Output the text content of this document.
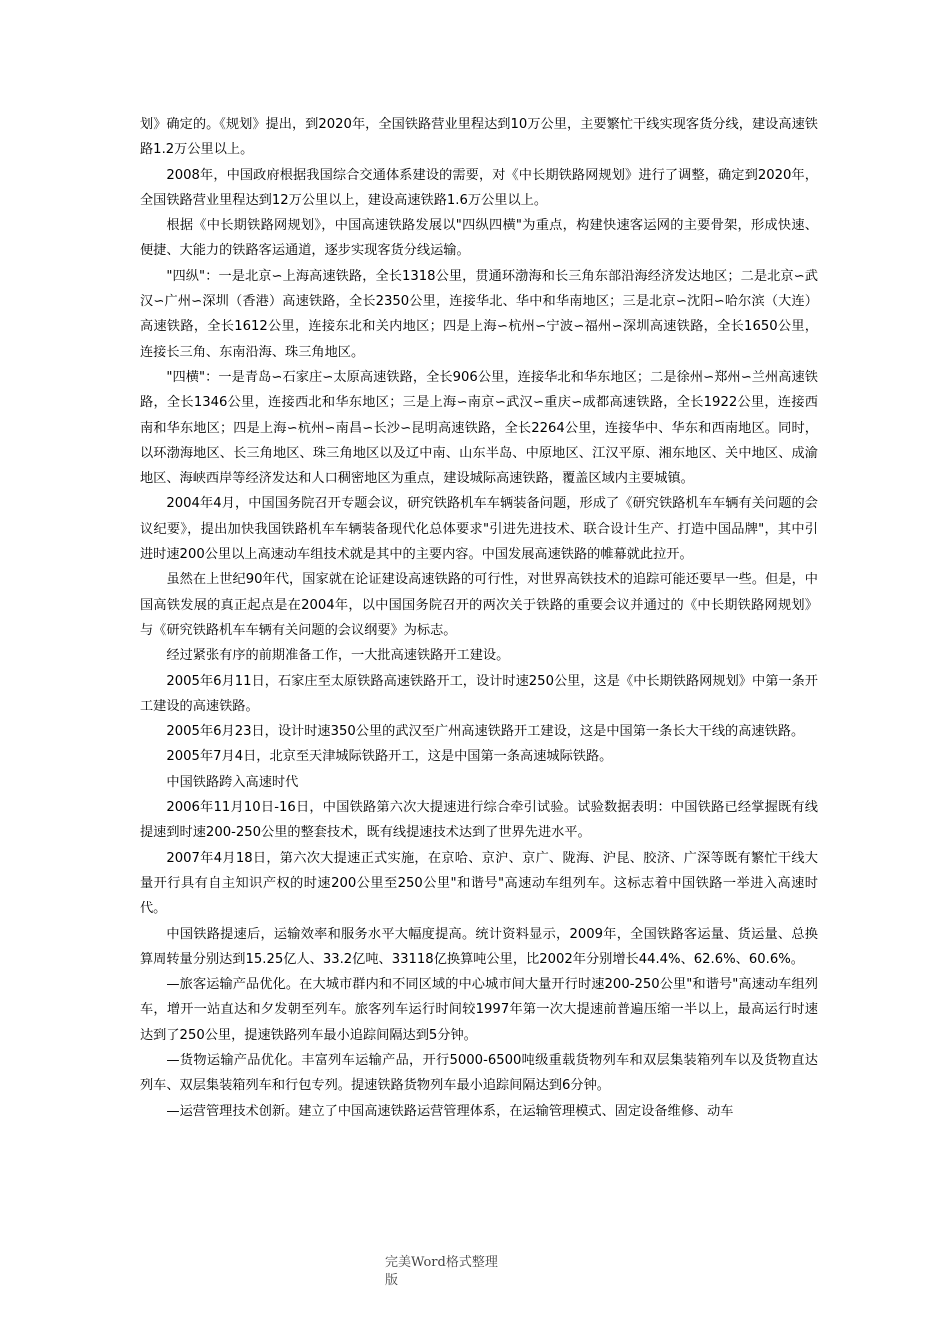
划》确定的。《规划》提出，到2020年，全国铁路营业里程达到10万公里，主要繁忙干线实现客货分线，建设高速铁路1.2万公里以上。

2008年，中国政府根据我国综合交通体系建设的需要，对《中长期铁路网规划》进行了调整，确定到2020年，全国铁路营业里程达到12万公里以上，建设高速铁路1.6万公里以上。

根据《中长期铁路网规划》，中国高速铁路发展以"四纵四横"为重点，构建快速客运网的主要骨架，形成快速、便捷、大能力的铁路客运通道，逐步实现客货分线运输。

"四纵"：一是北京∽上海高速铁路，全长1318公里，贯通环渤海和长三角东部沿海经济发达地区；二是北京∽武汉∽广州∽深圳（香港）高速铁路，全长2350公里，连接华北、华中和华南地区；三是北京∽沈阳∽哈尔滨（大连）高速铁路，全长1612公里，连接东北和关内地区；四是上海∽杭州∽宁波∽福州∽深圳高速铁路，全长1650公里，连接长三角、东南沿海、珠三角地区。

"四横"：一是青岛∽石家庄∽太原高速铁路，全长906公里，连接华北和华东地区；二是徐州∽郑州∽兰州高速铁路，全长1346公里，连接西北和华东地区；三是上海∽南京∽武汉∽重庆∽成都高速铁路，全长1922公里，连接西南和华东地区；四是上海∽杭州∽南昌∽长沙∽昆明高速铁路，全长2264公里，连接华中、华东和西南地区。同时，以环渤海地区、长三角地区、珠三角地区以及辽中南、山东半岛、中原地区、江汉平原、湘东地区、关中地区、成渝地区、海峡西岸等经济发达和人口稠密地区为重点，建设城际高速铁路，覆盖区域内主要城镇。

2004年4月，中国国务院召开专题会议，研究铁路机车车辆装备问题，形成了《研究铁路机车车辆有关问题的会议纪要》，提出加快我国铁路机车车辆装备现代化总体要求"引进先进技术、联合设计生产、打造中国品牌"，其中引进时速200公里以上高速动车组技术就是其中的主要内容。中国发展高速铁路的帷幕就此拉开。

虽然在上世纪90年代，国家就在论证建设高速铁路的可行性，对世界高铁技术的追踪可能还要早一些。但是，中国高铁发展的真正起点是在2004年，以中国国务院召开的两次关于铁路的重要会议并通过的《中长期铁路网规划》与《研究铁路机车车辆有关问题的会议纲要》为标志。

经过紧张有序的前期准备工作，一大批高速铁路开工建设。

2005年6月11日，石家庄至太原铁路高速铁路开工，设计时速250公里，这是《中长期铁路网规划》中第一条开工建设的高速铁路。

2005年6月23日，设计时速350公里的武汉至广州高速铁路开工建设，这是中国第一条长大干线的高速铁路。

2005年7月4日，北京至天津城际铁路开工，这是中国第一条高速城际铁路。

中国铁路跨入高速时代

2006年11月10日-16日，中国铁路第六次大提速进行综合牵引试验。试验数据表明：中国铁路已经掌握既有线提速到时速200-250公里的整套技术，既有线提速技术达到了世界先进水平。

2007年4月18日，第六次大提速正式实施，在京哈、京沪、京广、陇海、沪昆、胶济、广深等既有繁忙干线大量开行具有自主知识产权的时速200公里至250公里"和谐号"高速动车组列车。这标志着中国铁路一举进入高速时代。

中国铁路提速后，运输效率和服务水平大幅度提高。统计资料显示，2009年，全国铁路客运量、货运量、总换算周转量分别达到15.25亿人、33.2亿吨、33118亿换算吨公里，比2002年分别增长44.4%、62.6%、60.6%。

—旅客运输产品优化。在大城市群内和不同区域的中心城市间大量开行时速200-250公里"和谐号"高速动车组列车，增开一站直达和夕发朝至列车。旅客列车运行时间较1997年第一次大提速前普遍压缩一半以上，最高运行时速达到了250公里，提速铁路列车最小追踪间隔达到5分钟。

—货物运输产品优化。丰富列车运输产品，开行5000-6500吨级重载货物列车和双层集装箱列车以及货物直达列车、双层集装箱列车和行包专列。提速铁路货物列车最小追踪间隔达到6分钟。

—运营管理技术创新。建立了中国高速铁路运营管理体系，在运输管理模式、固定设备维修、动车

完美Word格式整理
版
